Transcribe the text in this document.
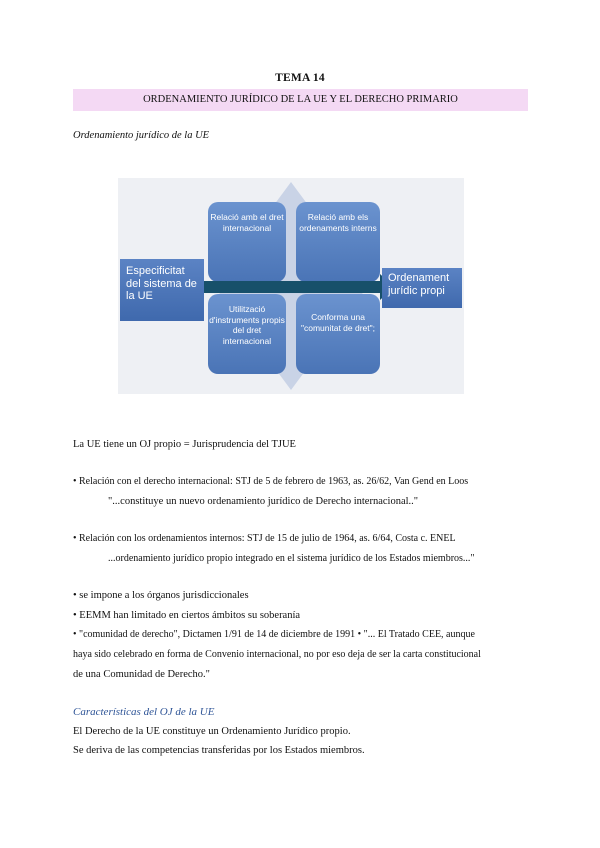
TEMA 14
ORDENAMIENTO JURÍDICO DE LA UE Y EL DERECHO PRIMARIO
Ordenamiento jurídico de la UE
Especificitat del sistema de la UE
Relació amb el dret internacional
Relació amb els ordenaments interns
Utilització d'instruments propis del dret internacional
Conforma una "comunitat de dret";
Ordenament jurídic propi
La UE tiene un OJ propio = Jurisprudencia del TJUE
• Relación con el derecho internacional: STJ de 5 de febrero de 1963, as. 26/62, Van Gend en Loos
"...constituye un nuevo ordenamiento jurídico de Derecho internacional.."
• Relación con los ordenamientos internos: STJ de 15 de julio de 1964, as. 6/64, Costa c. ENEL
...ordenamiento jurídico propio integrado en el sistema jurídico de los Estados miembros..."
• se impone a los órganos jurisdiccionales
• EEMM han limitado en ciertos ámbitos su soberanía
• "comunidad de derecho", Dictamen 1/91 de 14 de diciembre de 1991 • "... El Tratado CEE, aunque
haya sido celebrado en forma de Convenio internacional, no por eso deja de ser la carta constitucional
de una Comunidad de Derecho."
Características del OJ de la UE
El Derecho de la UE constituye un Ordenamiento Jurídico propio.
Se deriva de las competencias transferidas por los Estados miembros.
